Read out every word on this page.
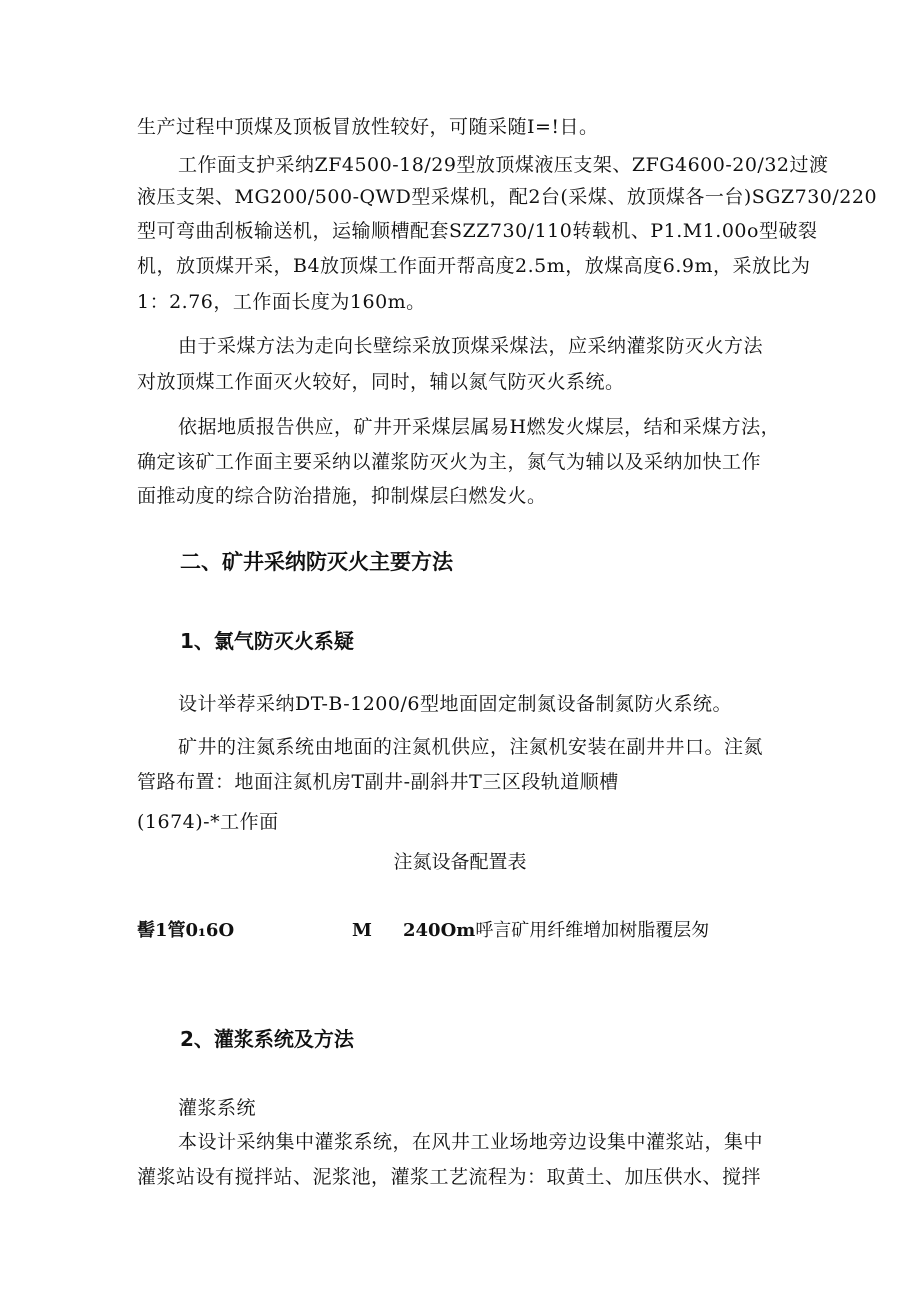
生产过程中顶煤及顶板冒放性较好，可随采随I=!日。

工作面支护采纳ZF4500-18/29型放顶煤液压支架、ZFG4600-20/32过渡

液压支架、MG200/500-QWD型采煤机，配2台(采煤、放顶煤各一台)SGZ730/220

型可弯曲刮板输送机，运输顺槽配套SZZ730/110转载机、P1.M1.00o型破裂

机，放顶煤开采，B4放顶煤工作面开帮高度2.5m，放煤高度6.9m，采放比为

1：2.76，工作面长度为160m。

由于采煤方法为走向长壁综采放顶煤采煤法，应采纳灌浆防灭火方法

对放顶煤工作面灭火较好，同时，辅以氮气防灭火系统。

依据地质报告供应，矿井开采煤层属易H燃发火煤层，结和采煤方法，

确定该矿工作面主要采纳以灌浆防灭火为主，氮气为辅以及采纳加快工作

面推动度的综合防治措施，抑制煤层臼燃发火。

二、矿井采纳防灭火主要方法
1、氯气防灭火系疑

设计举荐采纳DT-B-1200/6型地面固定制氮设备制氮防火系统。

矿井的注氮系统由地面的注氮机供应，注氮机安装在副井井口。注氮

管路布置：地面注氮机房T副井-副斜井T三区段轨道顺槽

(1674)-*工作面

注氮设备配置表

髻1管0₁6O	M 240Om呼言矿用纤维增加树脂覆层匆
2、灌浆系统及方法

灌浆系统

本设计采纳集中灌浆系统，在风井工业场地旁边设集中灌浆站，集中

灌浆站设有搅拌站、泥浆池，灌浆工艺流程为：取黄土、加压供水、搅拌
